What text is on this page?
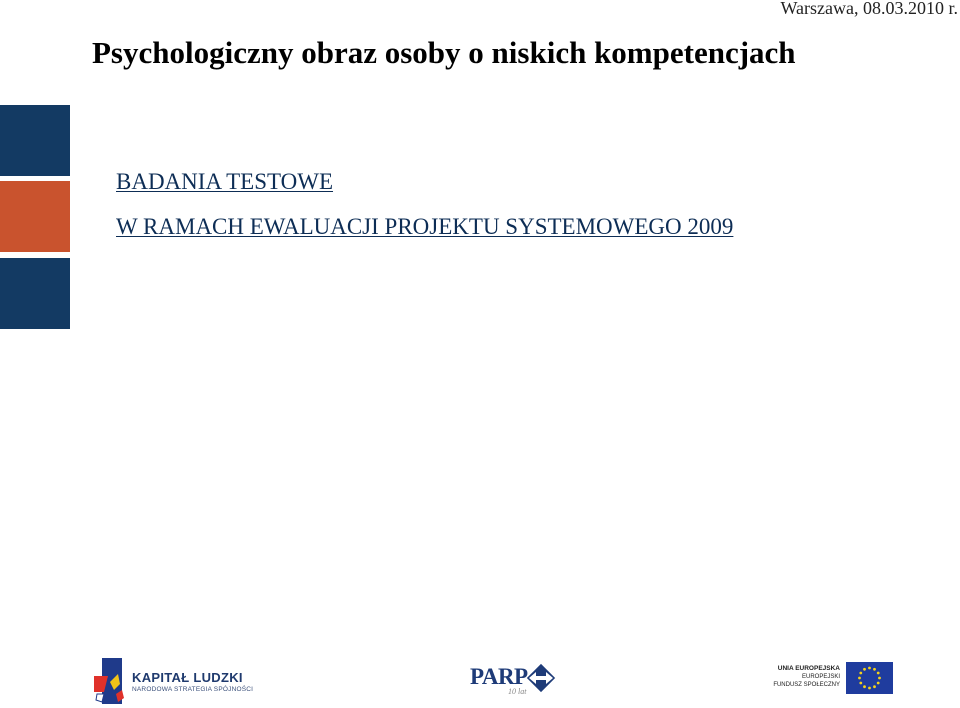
Warszawa, 08.03.2010 r.
Psychologiczny obraz osoby o niskich kompetencjach
BADANIA TESTOWE
W RAMACH EWALUACJI PROJEKTU SYSTEMOWEGO 2009
KAPITAŁ LUDZKI
NARODOWA STRATEGIA SPÓJNOŚCI
PARP
10 lat
UNIA EUROPEJSKA
EUROPEJSKI
FUNDUSZ SPOŁECZNY
